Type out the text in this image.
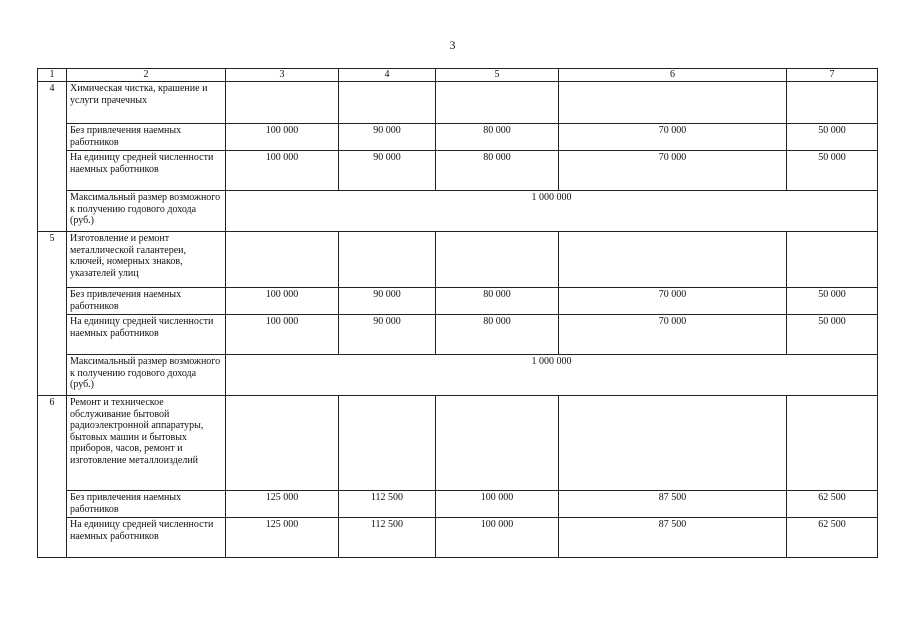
3
1	2	3	4	5	6	7
4	Химическая чистка, крашение и услуги прачечных					
	Без привлечения наемных работников	100 000	90 000	80 000	70 000	50 000
	На единицу средней численности наемных работников	100 000	90 000	80 000	70 000	50 000
	Максимальный размер возможного к получению годового дохода (руб.)	1 000 000				
5	Изготовление и ремонт металлической галантереи, ключей, номерных знаков, указателей улиц					
	Без привлечения наемных работников	100 000	90 000	80 000	70 000	50 000
	На единицу средней численности наемных работников	100 000	90 000	80 000	70 000	50 000
	Максимальный размер возможного к получению годового дохода (руб.)	1 000 000				
6	Ремонт и техническое обслуживание бытовой радиоэлектронной аппаратуры, бытовых машин и бытовых приборов, часов, ремонт и изготовление металлоизделий					
	Без привлечения наемных работников	125 000	112 500	100 000	87 500	62 500
	На единицу средней численности наемных работников	125 000	112 500	100 000	87 500	62 500
